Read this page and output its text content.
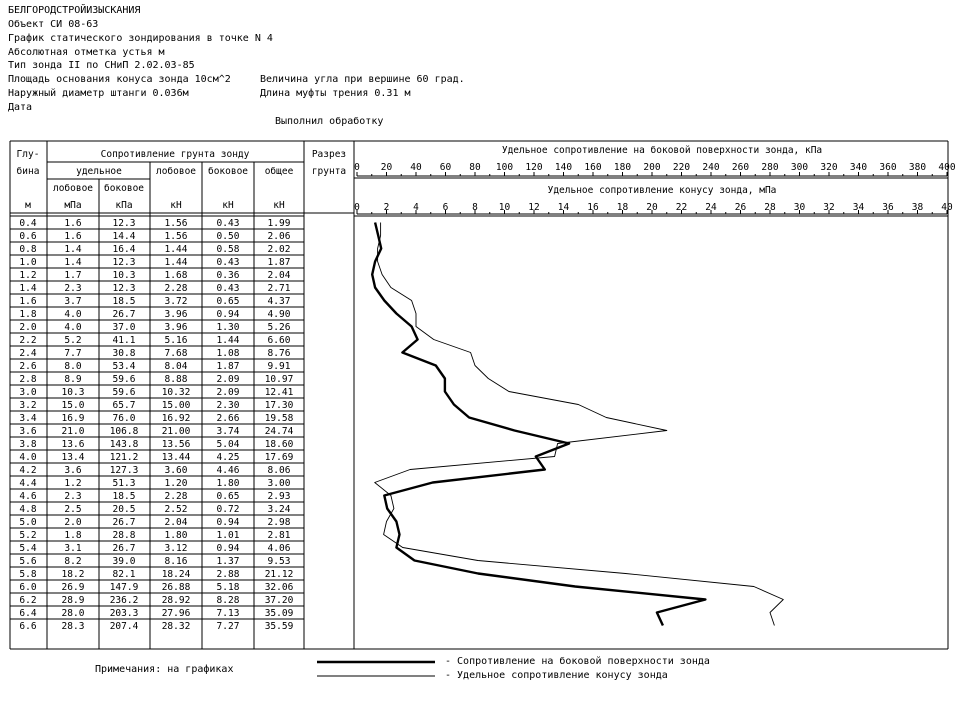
БЕЛГОРОДСТРОЙИЗЫСКАНИЯ
Объект СИ 08-63
График статического зондирования в точке N 4
Абсолютная отметка устья м
Тип зонда II по СНиП 2.02.03-85
Площадь основания конуса зонда 10см^2	Величина угла при вершине 60 град.
Наружный диаметр штанги 0.036м	Длина муфты трения 0.31 м
Дата
Выполнил обработку
Глу-
бина
м
Сопротивление грунта зонду
удельное	лобовое боковое общее
лобовое боковое
мПа	кПа	кН	кН	кН
Разрез
грунта
0.4	1.6	12.3	1.56	0.43	1.99
0.6	1.6	14.4	1.56	0.50	2.06
0.8	1.4	16.4	1.44	0.58	2.02
1.0	1.4	12.3	1.44	0.43	1.87
1.2	1.7	10.3	1.68	0.36	2.04
1.4	2.3	12.3	2.28	0.43	2.71
1.6	3.7	18.5	3.72	0.65	4.37
1.8	4.0	26.7	3.96	0.94	4.90
2.0	4.0	37.0	3.96	1.30	5.26
2.2	5.2	41.1	5.16	1.44	6.60
2.4	7.7	30.8	7.68	1.08	8.76
2.6	8.0	53.4	8.04	1.87	9.91
2.8	8.9	59.6	8.88	2.09	10.97
3.0	10.3	59.6	10.32	2.09	12.41
3.2	15.0	65.7	15.00	2.30	17.30
3.4	16.9	76.0	16.92	2.66	19.58
3.6	21.0	106.8 21.00	3.74	24.74
3.8	13.6	143.8 13.56	5.04	18.60
4.0	13.4	121.2 13.44	4.25	17.69
4.2	3.6	127.3	3.60	4.46	8.06
4.4	1.2	51.3	1.20	1.80	3.00
4.6	2.3	18.5	2.28	0.65	2.93
4.8	2.5	20.5	2.52	0.72	3.24
5.0	2.0	26.7	2.04	0.94	2.98
5.2	1.8	28.8	1.80	1.01	2.81
5.4	3.1	26.7	3.12	0.94	4.06
5.6	8.2	39.0	8.16	1.37	9.53
5.8	18.2	82.1	18.24	2.88	21.12
6.0	26.9	147.9 26.88	5.18	32.06
6.2	28.9	236.2 28.92	8.28	37.20
6.4	28.0	203.3 27.96	7.13	35.09
6.6	28.3	207.4 28.32	7.27	35.59
Удельное сопротивление на боковой поверхности зонда, кПа
Удельное сопротивление конусу зонда, мПа
0 20 40 60 80 100 120 140 160 180 200 220 240 260 280 300 320 340 360 380 400
0	2	4	6	8 10 12 14 16 18 20 22 24 26 28 30 32 34 36 38 40
Примечания: на графиках
- Сопротивление на боковой поверхности зонда
- Удельное сопротивление конусу зонда
